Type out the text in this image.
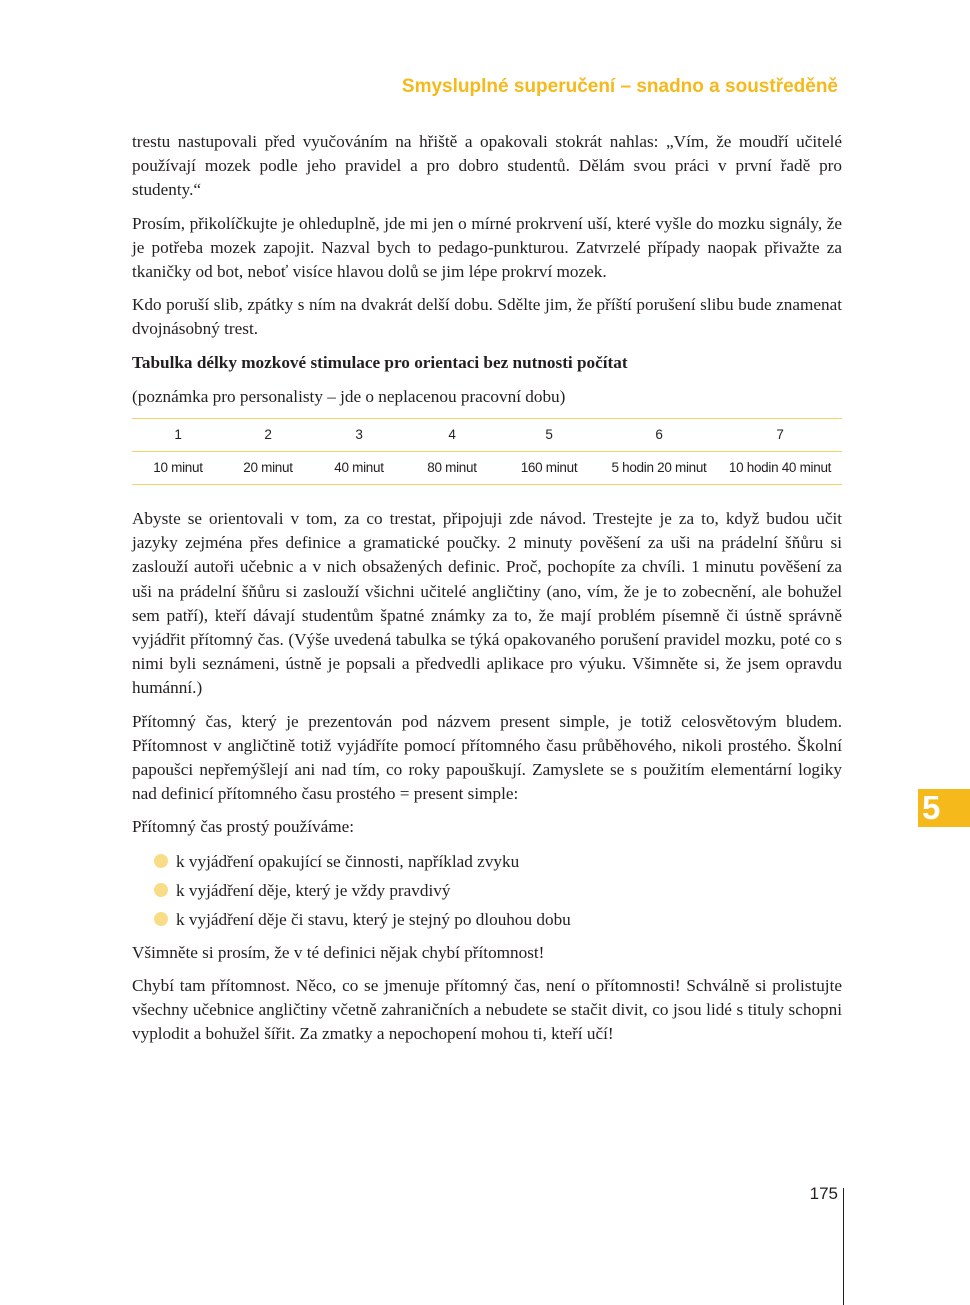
Smysluplné superučení – snadno a soustředěně

trestu nastupovali před vyučováním na hřiště a opakovali stokrát nahlas: „Vím, že moudří učitelé používají mozek podle jeho pravidel a pro dobro studentů. Dělám svou práci v první řadě pro studenty.“

Prosím, přikolíčkujte je ohleduplně, jde mi jen o mírné prokrvení uší, které vyšle do mozku signály, že je potřeba mozek zapojit. Nazval bych to pedago-punkturou. Zatvrzelé případy naopak přivažte za tkaničky od bot, neboť visíce hlavou dolů se jim lépe prokrví mozek.

Kdo poruší slib, zpátky s ním na dvakrát delší dobu. Sdělte jim, že příští porušení slibu bude znamenat dvojnásobný trest.

Tabulka délky mozkové stimulace pro orientaci bez nutnosti počítat

(poznámka pro personalisty – jde o neplacenou pracovní dobu)

1	2	3	4	5	6	7
10 minut	20 minut	40 minut	80 minut	160 minut	5 hodin 20 minut	10 hodin 40 minut

Abyste se orientovali v tom, za co trestat, připojuji zde návod. Trestejte je za to, když budou učit jazyky zejména přes definice a gramatické poučky. 2 minuty pověšení za uši na prádelní šňůru si zaslouží autoři učebnic a v nich obsažených definic. Proč, pochopíte za chvíli. 1 minutu pověšení za uši na prádelní šňůru si zaslouží všichni učitelé angličtiny (ano, vím, že je to zobecnění, ale bohužel sem patří), kteří dávají studentům špatné známky za to, že mají problém písemně či ústně správně vyjádřit přítomný čas. (Výše uvedená tabulka se týká opakovaného porušení pravidel mozku, poté co s nimi byli seznámeni, ústně je popsali a předvedli aplikace pro výuku. Všimněte si, že jsem opravdu humánní.)

Přítomný čas, který je prezentován pod názvem present simple, je totiž celosvětovým bludem. Přítomnost v angličtině totiž vyjádříte pomocí přítomného času průběhového, nikoli prostého. Školní papoušci nepřemýšlejí ani nad tím, co roky papouškují. Zamyslete se s použitím elementární logiky nad definicí přítomného času prostého = present simple:

Přítomný čas prostý používáme:

k vyjádření opakující se činnosti, například zvyku
k vyjádření děje, který je vždy pravdivý
k vyjádření děje či stavu, který je stejný po dlouhou dobu

Všimněte si prosím, že v té definici nějak chybí přítomnost!

Chybí tam přítomnost. Něco, co se jmenuje přítomný čas, není o přítomnosti! Schválně si prolistujte všechny učebnice angličtiny včetně zahraničních a nebudete se stačit divit, co jsou lidé s tituly schopni vyplodit a bohužel šířit. Za zmatky a nepochopení mohou ti, kteří učí!

5
175
